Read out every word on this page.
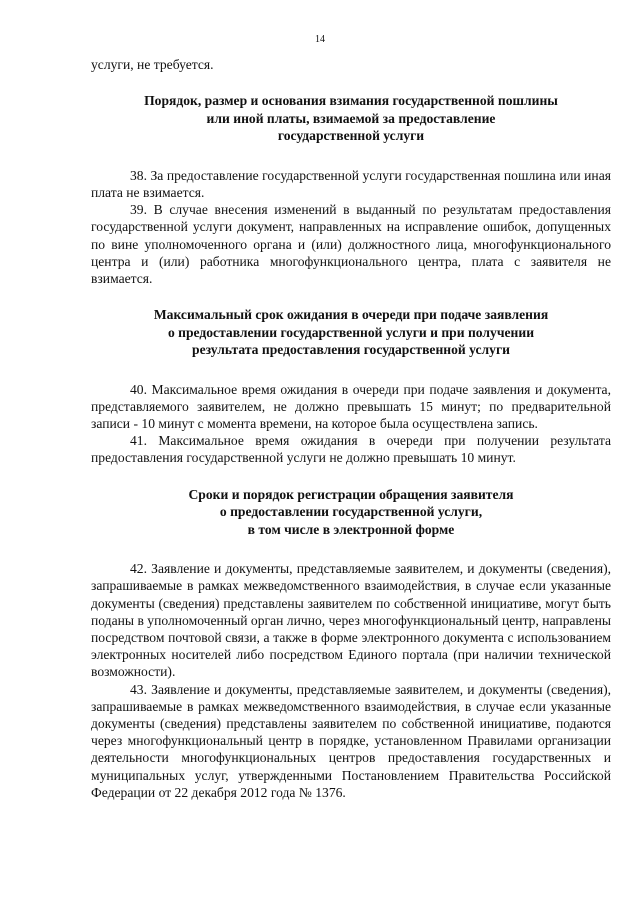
14

услуги, не требуется.

Порядок, размер и основания взимания государственной пошлины
или иной платы, взимаемой за предоставление
государственной услуги

38. За предоставление государственной услуги государственная пошлина или иная плата не взимается.

39. В случае внесения изменений в выданный по результатам предоставления государственной услуги документ, направленных на исправление ошибок, допущенных по вине уполномоченного органа и (или) должностного лица, многофункционального центра и (или) работника многофункционального центра, плата с заявителя не взимается.

Максимальный срок ожидания в очереди при подаче заявления
о предоставлении государственной услуги и при получении
результата предоставления государственной услуги

40. Максимальное время ожидания в очереди при подаче заявления и документа, представляемого заявителем, не должно превышать 15 минут; по предварительной записи - 10 минут с момента времени, на которое была осуществлена запись.

41. Максимальное время ожидания в очереди при получении результата предоставления государственной услуги не должно превышать 10 минут.

Сроки и порядок регистрации обращения заявителя
о предоставлении государственной услуги,
в том числе в электронной форме

42. Заявление и документы, представляемые заявителем, и документы (сведения), запрашиваемые в рамках межведомственного взаимодействия, в случае если указанные документы (сведения) представлены заявителем по собственной инициативе, могут быть поданы в уполномоченный орган лично, через многофункциональный центр, направлены посредством почтовой связи, а также в форме электронного документа с использованием электронных носителей либо посредством Единого портала (при наличии технической возможности).

43. Заявление и документы, представляемые заявителем, и документы (сведения), запрашиваемые в рамках межведомственного взаимодействия, в случае если указанные документы (сведения) представлены заявителем по собственной инициативе, подаются через многофункциональный центр в порядке, установленном Правилами организации деятельности многофункциональных центров предоставления государственных и муниципальных услуг, утвержденными Постановлением Правительства Российской Федерации от 22 декабря 2012 года № 1376.
